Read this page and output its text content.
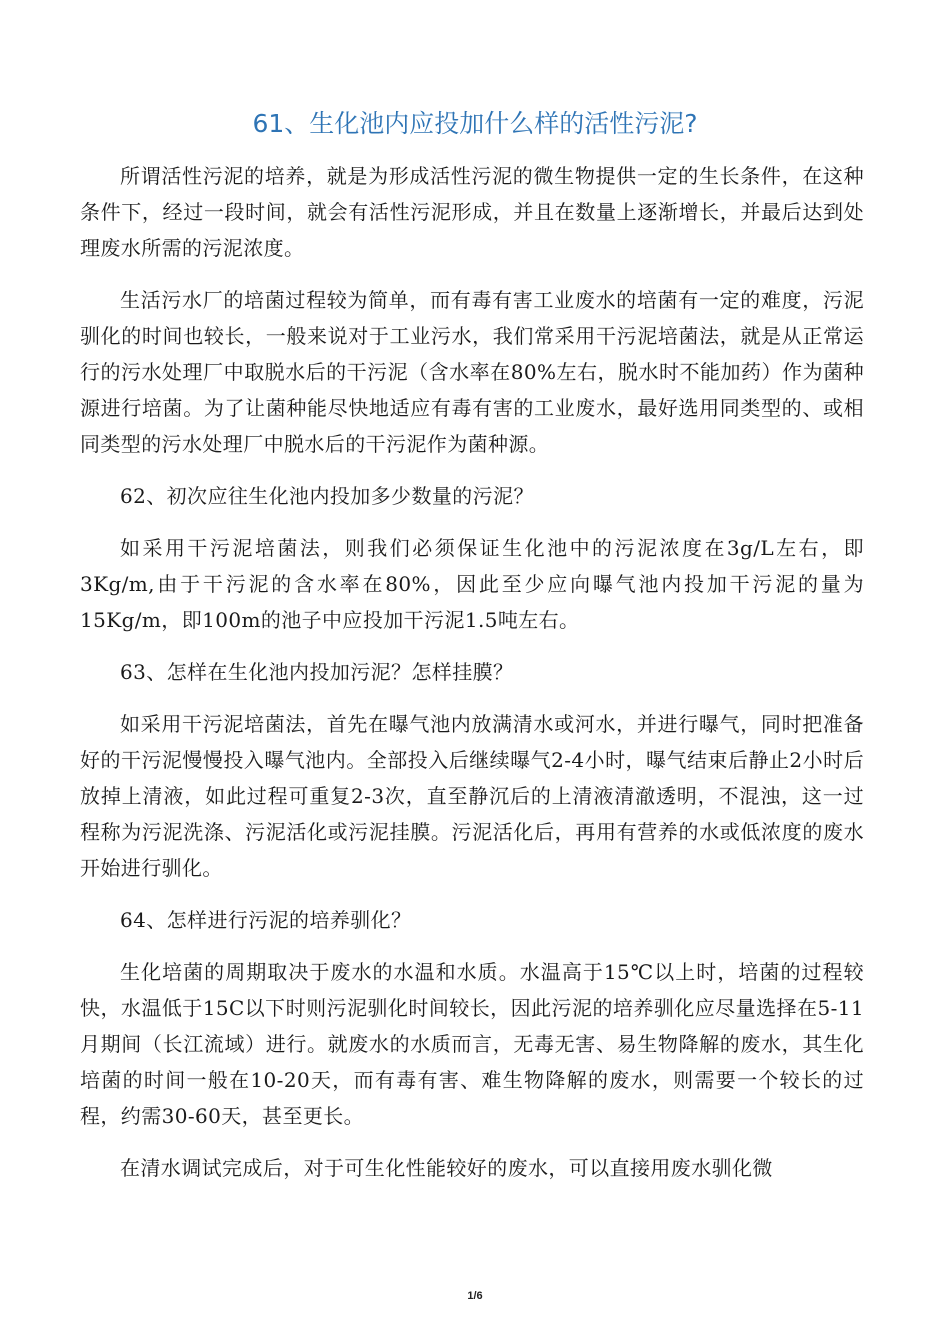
61、生化池内应投加什么样的活性污泥?

所谓活性污泥的培养，就是为形成活性污泥的微生物提供一定的生长条件，在这种条件下，经过一段时间，就会有活性污泥形成，并且在数量上逐渐增长，并最后达到处理废水所需的污泥浓度。

生活污水厂的培菌过程较为简单，而有毒有害工业废水的培菌有一定的难度，污泥驯化的时间也较长，一般来说对于工业污水，我们常采用干污泥培菌法，就是从正常运行的污水处理厂中取脱水后的干污泥（含水率在80%左右，脱水时不能加药）作为菌种源进行培菌。为了让菌种能尽快地适应有毒有害的工业废水，最好选用同类型的、或相同类型的污水处理厂中脱水后的干污泥作为菌种源。

62、初次应往生化池内投加多少数量的污泥？

如采用干污泥培菌法，则我们必须保证生化池中的污泥浓度在3g/L左右，即3Kg/m,由于干污泥的含水率在80%，因此至少应向曝气池内投加干污泥的量为15Kg/m，即100m的池子中应投加干污泥1.5吨左右。

63、怎样在生化池内投加污泥？怎样挂膜？

如采用干污泥培菌法，首先在曝气池内放满清水或河水，并进行曝气，同时把准备好的干污泥慢慢投入曝气池内。全部投入后继续曝气2-4小时，曝气结束后静止2小时后放掉上清液，如此过程可重复2-3次，直至静沉后的上清液清澈透明，不混浊，这一过程称为污泥洗涤、污泥活化或污泥挂膜。污泥活化后，再用有营养的水或低浓度的废水开始进行驯化。

64、怎样进行污泥的培养驯化？

生化培菌的周期取决于废水的水温和水质。水温高于15℃以上时，培菌的过程较快，水温低于15C以下时则污泥驯化时间较长，因此污泥的培养驯化应尽量选择在5-11月期间（长江流域）进行。就废水的水质而言，无毒无害、易生物降解的废水，其生化培菌的时间一般在10-20天，而有毒有害、难生物降解的废水，则需要一个较长的过程，约需30-60天，甚至更长。

在清水调试完成后，对于可生化性能较好的废水，可以直接用废水驯化微

1/6
